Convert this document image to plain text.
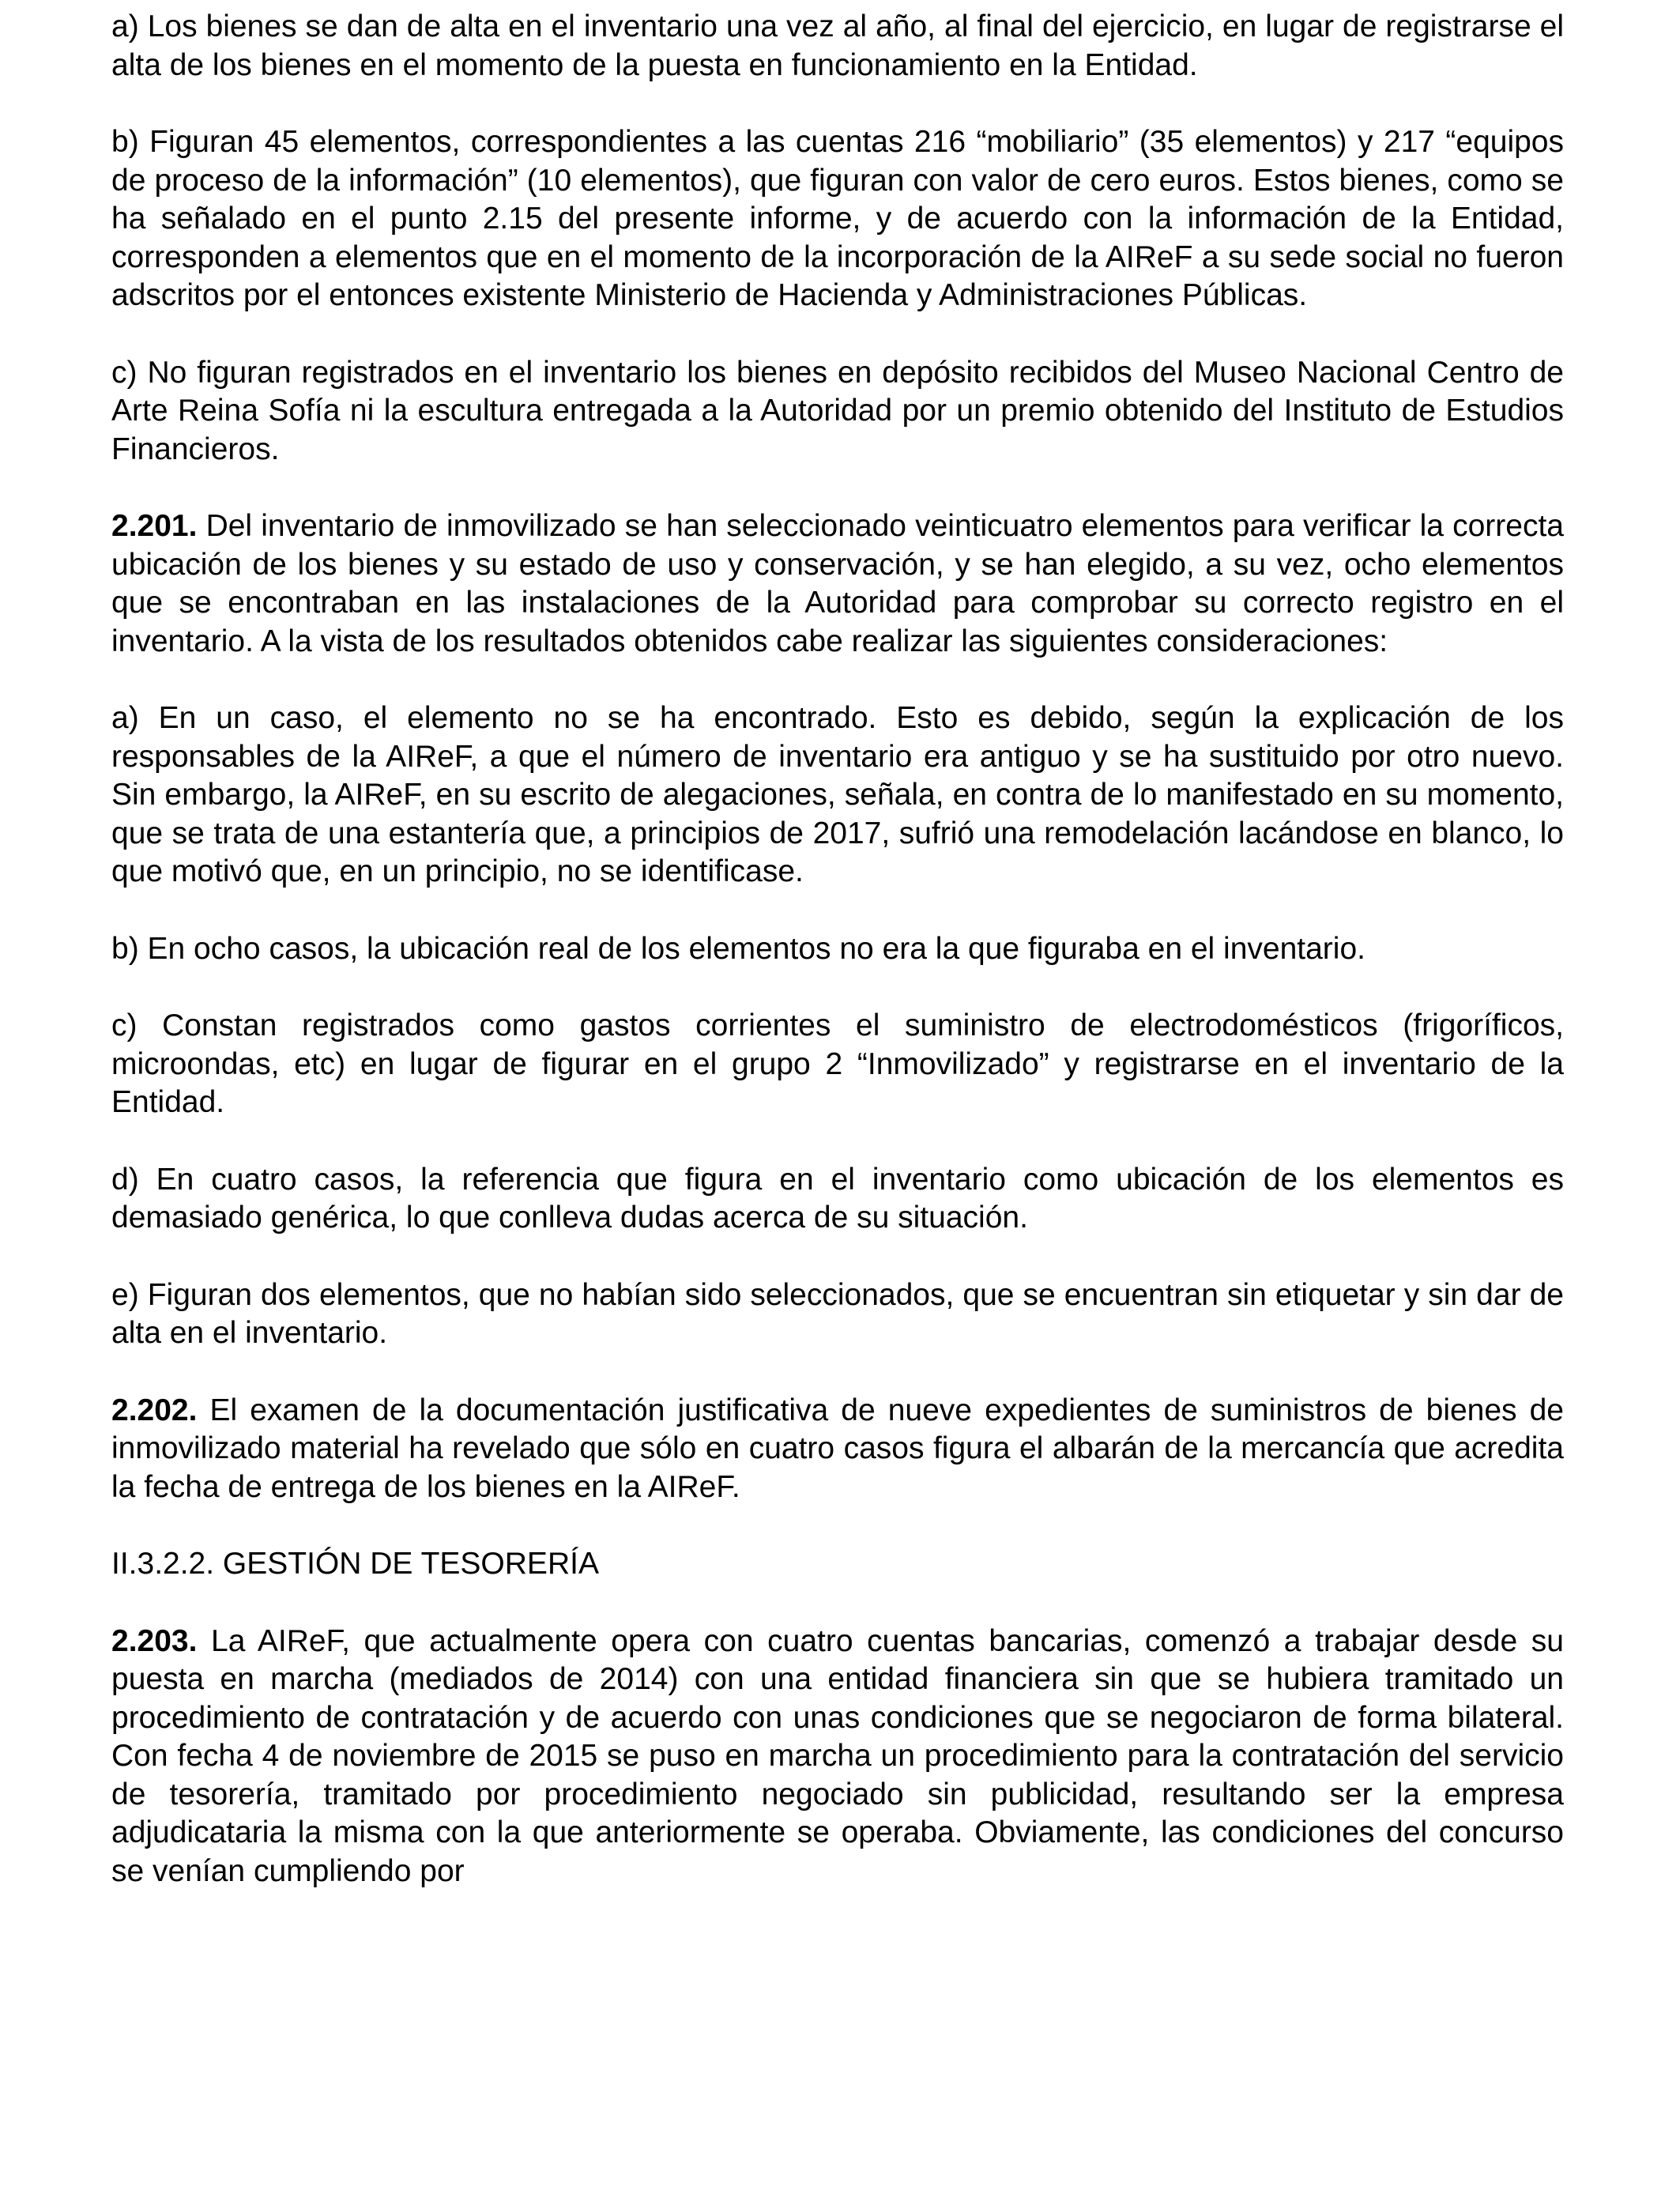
a) Los bienes se dan de alta en el inventario una vez al año, al final del ejercicio, en lugar de registrarse el alta de los bienes en el momento de la puesta en funcionamiento en la Entidad.

b) Figuran 45 elementos, correspondientes a las cuentas 216 “mobiliario” (35 elementos) y 217 “equipos de proceso de la información” (10 elementos), que figuran con valor de cero euros. Estos bienes, como se ha señalado en el punto 2.15 del presente informe, y de acuerdo con la información de la Entidad, corresponden a elementos que en el momento de la incorporación de la AIReF a su sede social no fueron adscritos por el entonces existente Ministerio de Hacienda y Administraciones Públicas.

c) No figuran registrados en el inventario los bienes en depósito recibidos del Museo Nacional Centro de Arte Reina Sofía ni la escultura entregada a la Autoridad por un premio obtenido del Instituto de Estudios Financieros.

2.201. Del inventario de inmovilizado se han seleccionado veinticuatro elementos para verificar la correcta ubicación de los bienes y su estado de uso y conservación, y se han elegido, a su vez, ocho elementos que se encontraban en las instalaciones de la Autoridad para comprobar su correcto registro en el inventario. A la vista de los resultados obtenidos cabe realizar las siguientes consideraciones:

a) En un caso, el elemento no se ha encontrado. Esto es debido, según la explicación de los responsables de la AIReF, a que el número de inventario era antiguo y se ha sustituido por otro nuevo. Sin embargo, la AIReF, en su escrito de alegaciones, señala, en contra de lo manifestado en su momento, que se trata de una estantería que, a principios de 2017, sufrió una remodelación lacándose en blanco, lo que motivó que, en un principio, no se identificase.

b) En ocho casos, la ubicación real de los elementos no era la que figuraba en el inventario.

c) Constan registrados como gastos corrientes el suministro de electrodomésticos (frigoríficos, microondas, etc) en lugar de figurar en el grupo 2 “Inmovilizado” y registrarse en el inventario de la Entidad.

d) En cuatro casos, la referencia que figura en el inventario como ubicación de los elementos es demasiado genérica, lo que conlleva dudas acerca de su situación.

e) Figuran dos elementos, que no habían sido seleccionados, que se encuentran sin etiquetar y sin dar de alta en el inventario.

2.202. El examen de la documentación justificativa de nueve expedientes de suministros de bienes de inmovilizado material ha revelado que sólo en cuatro casos figura el albarán de la mercancía que acredita la fecha de entrega de los bienes en la AIReF.

II.3.2.2. GESTIÓN DE TESORERÍA

2.203. La AIReF, que actualmente opera con cuatro cuentas bancarias, comenzó a trabajar desde su puesta en marcha (mediados de 2014) con una entidad financiera sin que se hubiera tramitado un procedimiento de contratación y de acuerdo con unas condiciones que se negociaron de forma bilateral. Con fecha 4 de noviembre de 2015 se puso en marcha un procedimiento para la contratación del servicio de tesorería, tramitado por procedimiento negociado sin publicidad, resultando ser la empresa adjudicataria la misma con la que anteriormente se operaba. Obviamente, las condiciones del concurso se venían cumpliendo por
